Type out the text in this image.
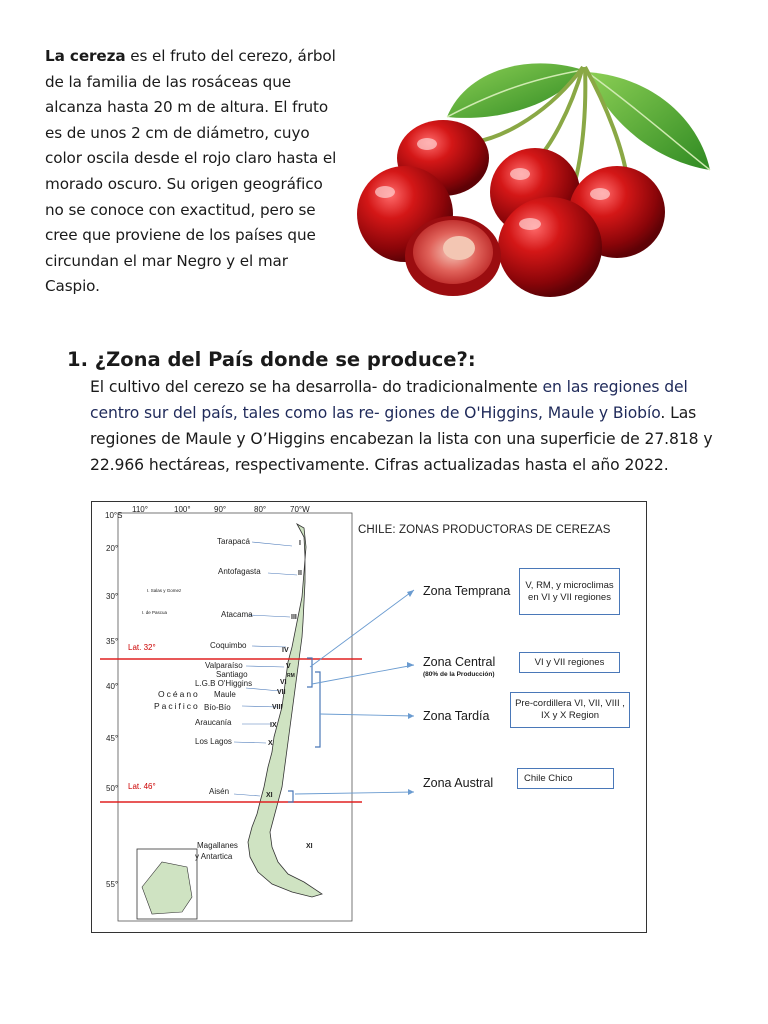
La cereza es el fruto del cerezo, árbol de la familia de las rosáceas que alcanza hasta 20 m de altura. El fruto es de unos 2 cm de diámetro, cuyo color oscila desde el rojo claro hasta el morado oscuro. Su origen geográfico no se conoce con exactitud, pero se cree que proviene de los países que circundan el mar Negro y el mar Caspio.
1. ¿Zona del País donde se produce?:
El cultivo del cerezo se ha desarrolla- do tradicionalmente en las regiones del centro sur del país, tales como las re- giones de O'Higgins, Maule y Biobío. Las regiones de Maule y O’Higgins encabezan la lista con una superficie de 27.818 y 22.966 hectáreas, respectivamente. Cifras actualizadas hasta el año 2022.
110°	100°	90°	80°	70°W
10°S
20°
30°
35°
40°
45°
50°
55°
I. Salas y Gomez
I. de Pascua
Océano
Pacifico
Lat. 32°
Lat. 46°
Tarapacá
Antofagasta
Atacama
Coquimbo
Valparaíso
Santiago
L.G.B O'Higgins
Maule
Bío-Bío
Araucanía
Los Lagos
Aisén
Magallanes
y Antartica
I
II
III
IV
V
RM
VI
VII
VIII
IX
X
XI
XI
CHILE: ZONAS PRODUCTORAS DE CEREZAS
Zona Temprana
Zona Central
(80% de la Producción)
Zona Tardía
Zona Austral
V, RM, y microclimas en VI y VII regiones
VI y VII regiones
Pre-cordillera VI, VII, VIII , IX y X Region
Chile Chico
